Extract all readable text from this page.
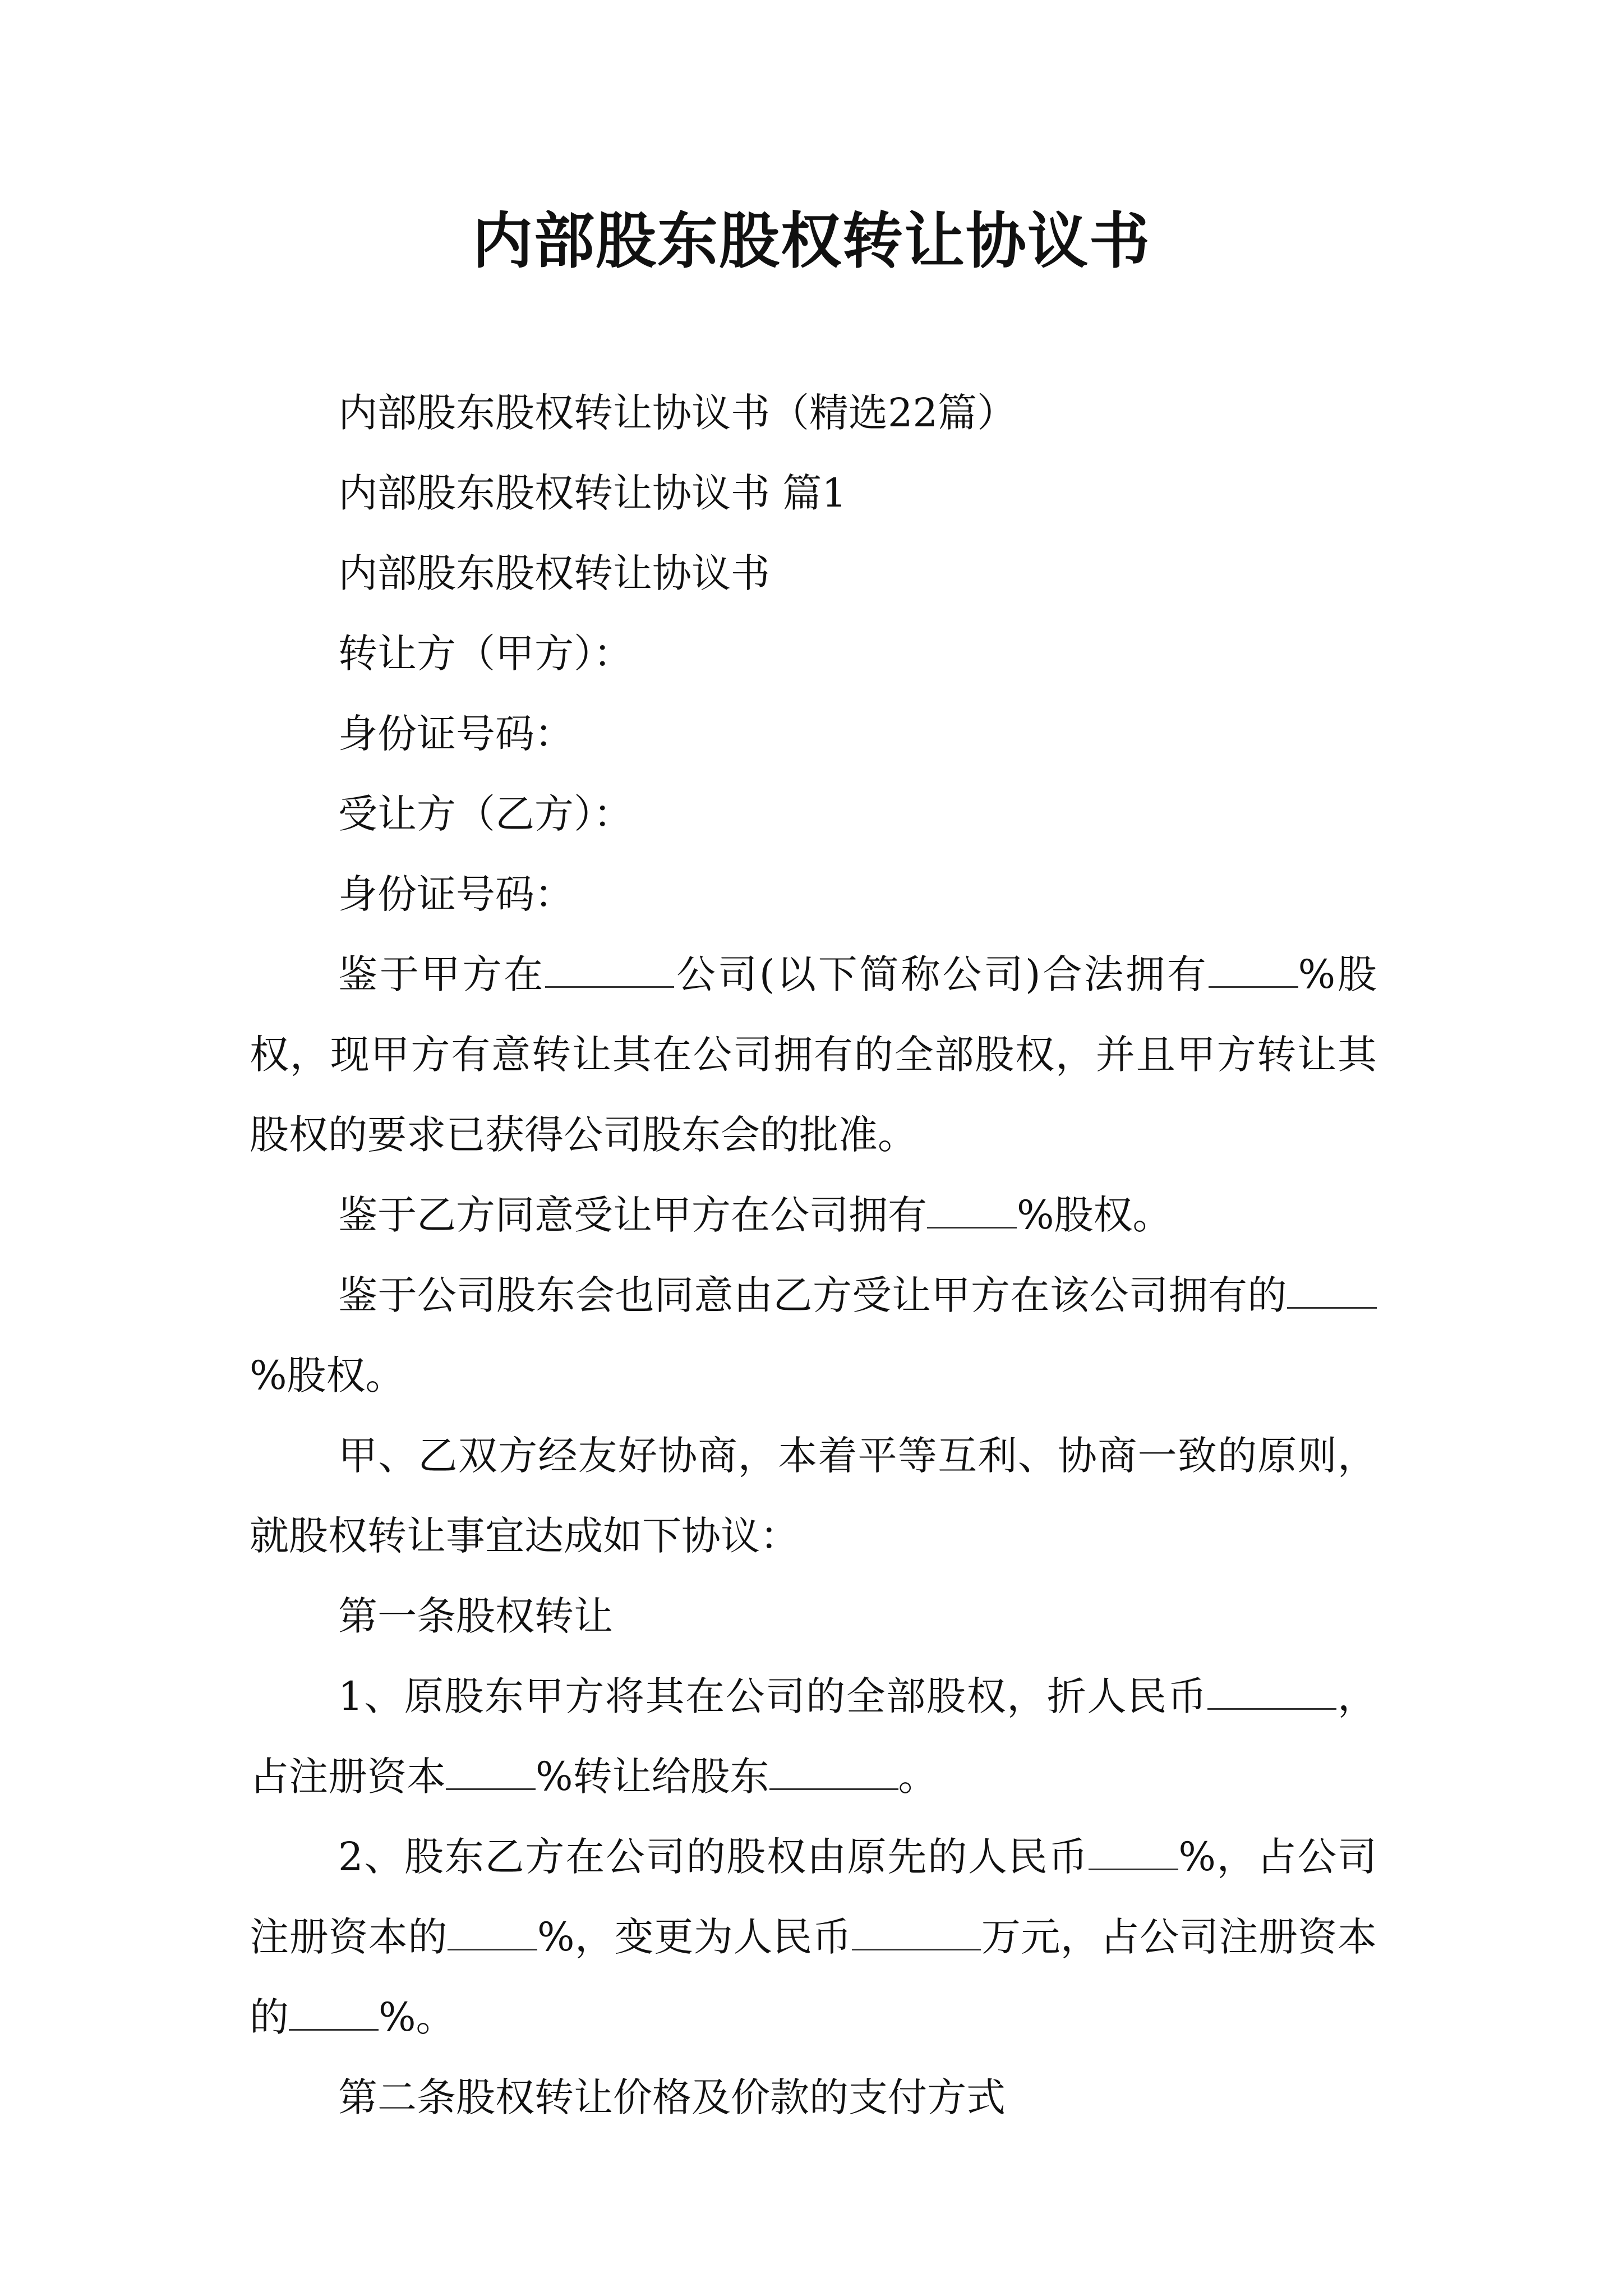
内部股东股权转让协议书
内部股东股权转让协议书（精选22篇）
内部股东股权转让协议书 篇1
内部股东股权转让协议书
转让方（甲方）：
身份证号码：
受让方（乙方）：
身份证号码：
鉴于甲方在	公司(以下简称公司)合法拥有 %股权，现甲方有意转让其在公司拥有的全部股权，并且甲方转让其股权的要求已获得公司股东会的批准。
鉴于乙方同意受让甲方在公司拥有 %股权。
鉴于公司股东会也同意由乙方受让甲方在该公司拥有的%股权。
甲、乙双方经友好协商，本着平等互利、协商一致的原则，就股权转让事宜达成如下协议：
第一条股权转让
1、原股东甲方将其在公司的全部股权，折人民币	，占注册资本 %转让给股东	。
2、股东乙方在公司的股权由原先的人民币 %，占公司注册资本的 %，变更为人民币	万元，占公司注册资本的 %。
第二条股权转让价格及价款的支付方式
